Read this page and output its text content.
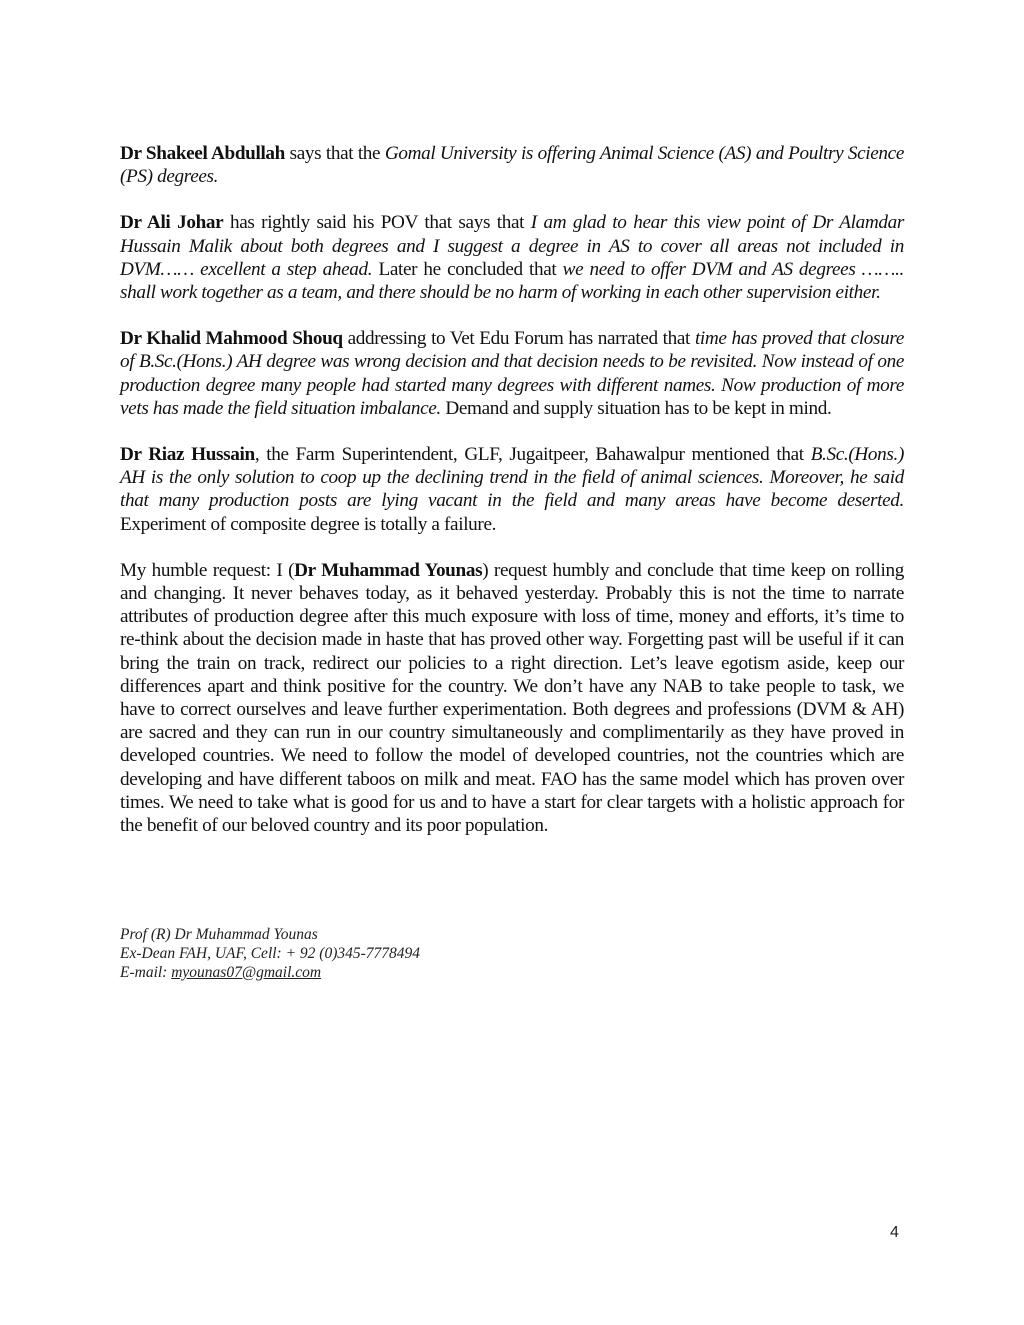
Dr Shakeel Abdullah says that the Gomal University is offering Animal Science (AS) and Poultry Science (PS) degrees.

Dr Ali Johar has rightly said his POV that says that I am glad to hear this view point of Dr Alamdar Hussain Malik about both degrees and I suggest a degree in AS to cover all areas not included in DVM…… excellent a step ahead. Later he concluded that we need to offer DVM and AS degrees …….. shall work together as a team, and there should be no harm of working in each other supervision either.

Dr Khalid Mahmood Shouq addressing to Vet Edu Forum has narrated that time has proved that closure of B.Sc.(Hons.) AH degree was wrong decision and that decision needs to be revisited. Now instead of one production degree many people had started many degrees with different names. Now production of more vets has made the field situation imbalance. Demand and supply situation has to be kept in mind.

Dr Riaz Hussain, the Farm Superintendent, GLF, Jugaitpeer, Bahawalpur mentioned that B.Sc.(Hons.) AH is the only solution to coop up the declining trend in the field of animal sciences. Moreover, he said that many production posts are lying vacant in the field and many areas have become deserted. Experiment of composite degree is totally a failure.

My humble request: I (Dr Muhammad Younas) request humbly and conclude that time keep on rolling and changing. It never behaves today, as it behaved yesterday. Probably this is not the time to narrate attributes of production degree after this much exposure with loss of time, money and efforts, it’s time to re-think about the decision made in haste that has proved other way. Forgetting past will be useful if it can bring the train on track, redirect our policies to a right direction. Let’s leave egotism aside, keep our differences apart and think positive for the country. We don’t have any NAB to take people to task, we have to correct ourselves and leave further experimentation. Both degrees and professions (DVM & AH) are sacred and they can run in our country simultaneously and complimentarily as they have proved in developed countries. We need to follow the model of developed countries, not the countries which are developing and have different taboos on milk and meat. FAO has the same model which has proven over times. We need to take what is good for us and to have a start for clear targets with a holistic approach for the benefit of our beloved country and its poor population.

Prof (R) Dr Muhammad Younas
Ex-Dean FAH, UAF, Cell: + 92 (0)345-7778494
E-mail: myounas07@gmail.com
4
